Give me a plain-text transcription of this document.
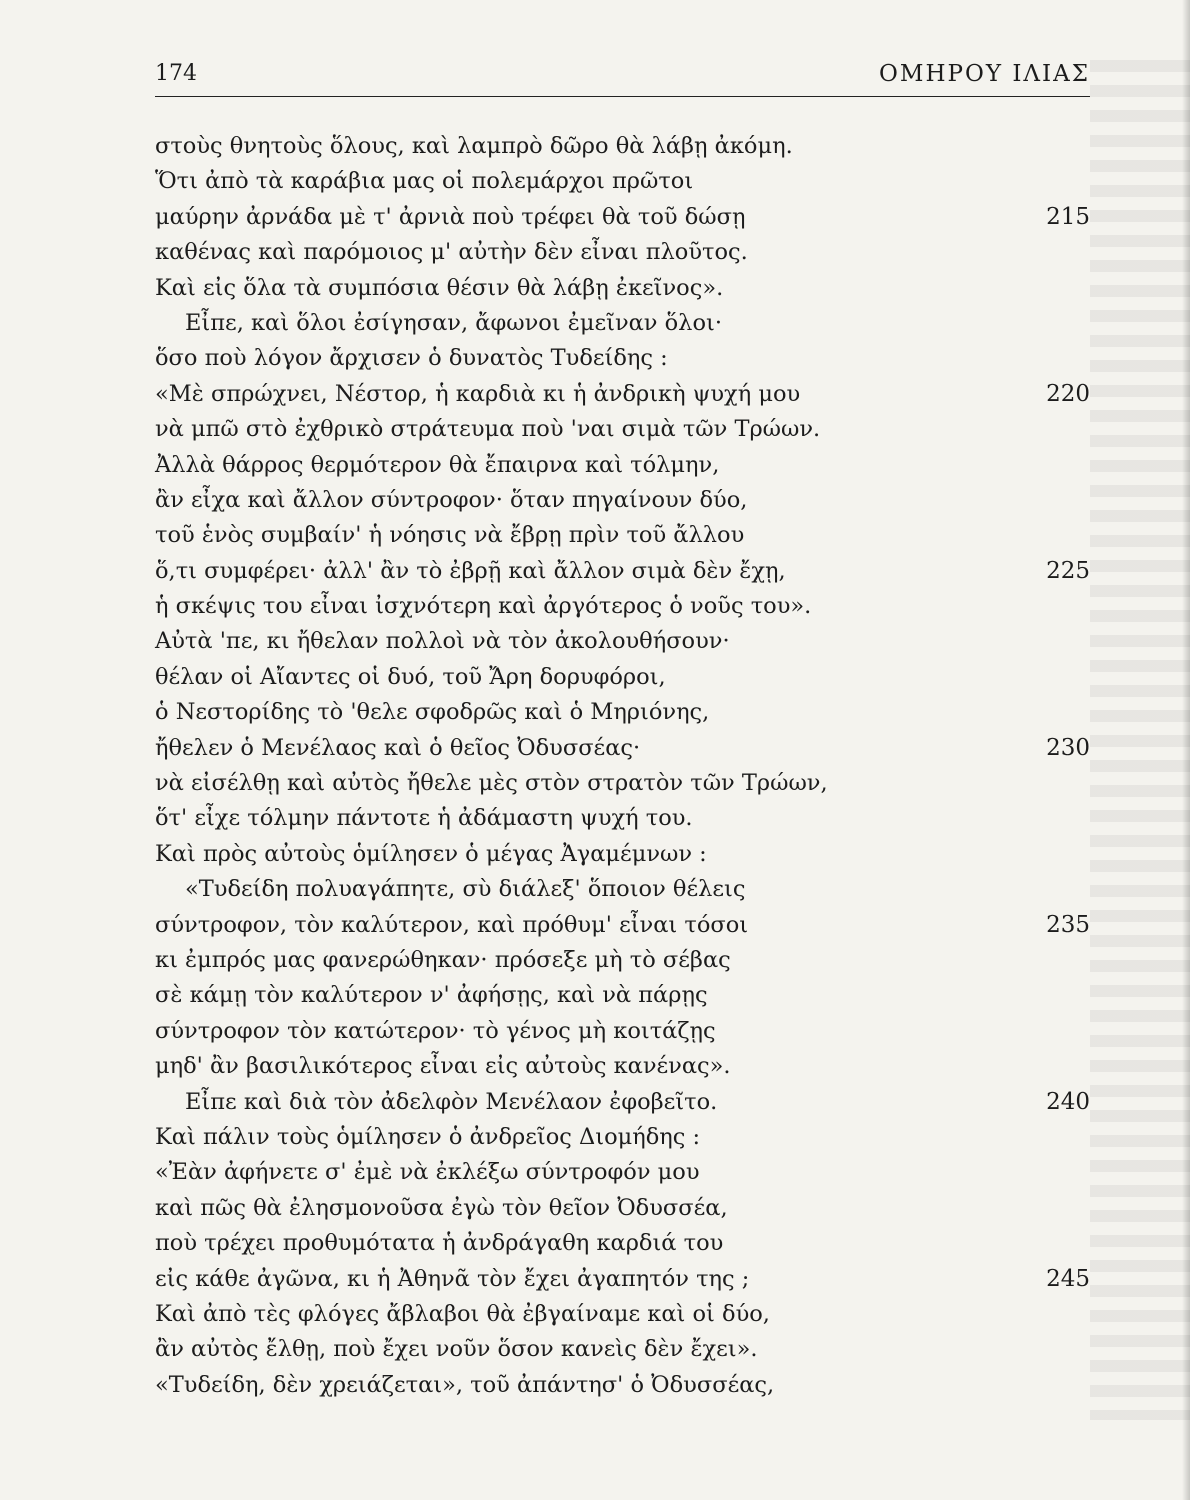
174	ΟΜΗΡΟΥ ΙΛΙΑΣ
στοὺς θνητοὺς ὅλους, καὶ λαμπρὸ δῶρο θὰ λάβῃ ἀκόμη.
Ὅτι ἀπὸ τὰ καράβια μας οἱ πολεμάρχοι πρῶτοι
μαύρην ἀρνάδα μὲ τ' ἀρνιὰ ποὺ τρέφει θὰ τοῦ δώσῃ	215
καθένας καὶ παρόμοιος μ' αὐτὴν δὲν εἶναι πλοῦτος.
Καὶ εἰς ὅλα τὰ συμπόσια θέσιν θὰ λάβῃ ἐκεῖνος».
Εἶπε, καὶ ὅλοι ἐσίγησαν, ἄφωνοι ἐμεῖναν ὅλοι·
ὅσο ποὺ λόγον ἄρχισεν ὁ δυνατὸς Τυδείδης :
«Μὲ σπρώχνει, Νέστορ, ἡ καρδιὰ κι ἡ ἀνδρικὴ ψυχή μου	220
νὰ μπῶ στὸ ἐχθρικὸ στράτευμα ποὺ 'ναι σιμὰ τῶν Τρώων.
Ἀλλὰ θάρρος θερμότερον θὰ ἔπαιρνα καὶ τόλμην,
ἂν εἶχα καὶ ἄλλον σύντροφον· ὅταν πηγαίνουν δύο,
τοῦ ἑνὸς συμβαίν' ἡ νόησις νὰ ἔβρῃ πρὶν τοῦ ἄλλου
ὅ,τι συμφέρει· ἀλλ' ἂν τὸ ἐβρῇ καὶ ἄλλον σιμὰ δὲν ἔχῃ,	225
ἡ σκέψις του εἶναι ἰσχνότερη καὶ ἀργότερος ὁ νοῦς του».
Αὐτὰ 'πε, κι ἤθελαν πολλοὶ νὰ τὸν ἀκολουθήσουν·
θέλαν οἱ Αἴαντες οἱ δυό, τοῦ Ἄρη δορυφόροι,
ὁ Νεστορίδης τὸ 'θελε σφοδρῶς καὶ ὁ Μηριόνης,
ἤθελεν ὁ Μενέλαος καὶ ὁ θεῖος Ὀδυσσέας·	230
νὰ εἰσέλθῃ καὶ αὐτὸς ἤθελε μὲς στὸν στρατὸν τῶν Τρώων,
ὅτ' εἶχε τόλμην πάντοτε ἡ ἀδάμαστη ψυχή του.
Καὶ πρὸς αὐτοὺς ὁμίλησεν ὁ μέγας Ἀγαμέμνων :
«Τυδείδη πολυαγάπητε, σὺ διάλεξ' ὅποιον θέλεις
σύντροφον, τὸν καλύτερον, καὶ πρόθυμ' εἶναι τόσοι	235
κι ἐμπρός μας φανερώθηκαν· πρόσεξε μὴ τὸ σέβας
σὲ κάμῃ τὸν καλύτερον ν' ἀφήσῃς, καὶ νὰ πάρῃς
σύντροφον τὸν κατώτερον· τὸ γένος μὴ κοιτάζῃς
μηδ' ἂν βασιλικότερος εἶναι εἰς αὐτοὺς κανένας».
Εἶπε καὶ διὰ τὸν ἀδελφὸν Μενέλαον ἐφοβεῖτο.	240
Καὶ πάλιν τοὺς ὁμίλησεν ὁ ἀνδρεῖος Διομήδης :
«Ἐὰν ἀφήνετε σ' ἐμὲ νὰ ἐκλέξω σύντροφόν μου
καὶ πῶς θὰ ἐλησμονοῦσα ἐγὼ τὸν θεῖον Ὀδυσσέα,
ποὺ τρέχει προθυμότατα ἡ ἀνδράγαθη καρδιά του
εἰς κάθε ἀγῶνα, κι ἡ Ἀθηνᾶ τὸν ἔχει ἀγαπητόν της ;	245
Καὶ ἀπὸ τὲς φλόγες ἄβλαβοι θὰ ἐβγαίναμε καὶ οἱ δύο,
ἂν αὐτὸς ἔλθῃ, ποὺ ἔχει νοῦν ὅσον κανεὶς δὲν ἔχει».
«Τυδείδη, δὲν χρειάζεται», τοῦ ἀπάντησ' ὁ Ὀδυσσέας,
